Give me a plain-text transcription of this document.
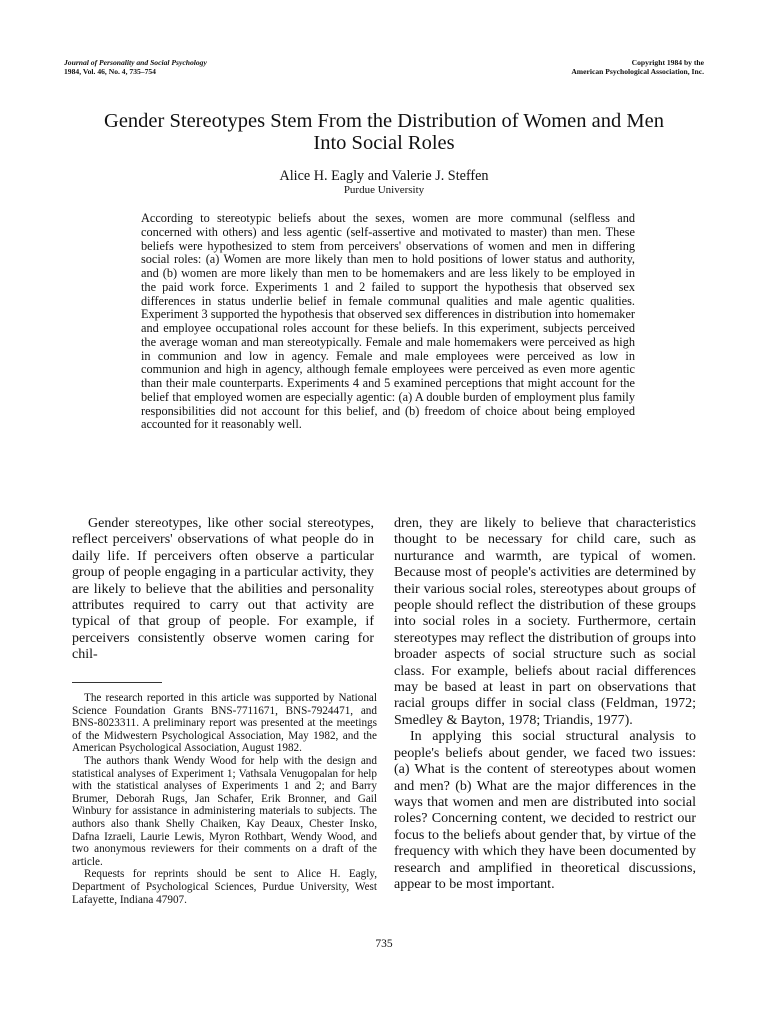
Journal of Personality and Social Psychology
1984, Vol. 46, No. 4, 735–754
Copyright 1984 by the
American Psychological Association, Inc.
Gender Stereotypes Stem From the Distribution of Women and Men Into Social Roles
Alice H. Eagly and Valerie J. Steffen
Purdue University

According to stereotypic beliefs about the sexes, women are more communal (selfless and concerned with others) and less agentic (self-assertive and motivated to master) than men. These beliefs were hypothesized to stem from perceivers' observations of women and men in differing social roles: (a) Women are more likely than men to hold positions of lower status and authority, and (b) women are more likely than men to be homemakers and are less likely to be employed in the paid work force. Experiments 1 and 2 failed to support the hypothesis that observed sex differences in status underlie belief in female communal qualities and male agentic qualities. Experiment 3 supported the hypothesis that observed sex differences in distribution into homemaker and employee occupational roles account for these beliefs. In this experiment, subjects perceived the average woman and man stereotypically. Female and male homemakers were perceived as high in communion and low in agency. Female and male employees were perceived as low in communion and high in agency, although female employees were perceived as even more agentic than their male counterparts. Experiments 4 and 5 examined perceptions that might account for the belief that employed women are especially agentic: (a) A double burden of employment plus family responsibilities did not account for this belief, and (b) freedom of choice about being employed accounted for it reasonably well.

Gender stereotypes, like other social stereotypes, reflect perceivers' observations of what people do in daily life. If perceivers often observe a particular group of people engaging in a particular activity, they are likely to believe that the abilities and personality attributes required to carry out that activity are typical of that group of people. For example, if perceivers consistently observe women caring for chil-

The research reported in this article was supported by National Science Foundation Grants BNS-7711671, BNS-7924471, and BNS-8023311. A preliminary report was presented at the meetings of the Midwestern Psychological Association, May 1982, and the American Psychological Association, August 1982.

The authors thank Wendy Wood for help with the design and statistical analyses of Experiment 1; Vathsala Venugopalan for help with the statistical analyses of Experiments 1 and 2; and Barry Brumer, Deborah Rugs, Jan Schafer, Erik Bronner, and Gail Winbury for assistance in administering materials to subjects. The authors also thank Shelly Chaiken, Kay Deaux, Chester Insko, Dafna Izraeli, Laurie Lewis, Myron Rothbart, Wendy Wood, and two anonymous reviewers for their comments on a draft of the article.

Requests for reprints should be sent to Alice H. Eagly, Department of Psychological Sciences, Purdue University, West Lafayette, Indiana 47907.

dren, they are likely to believe that characteristics thought to be necessary for child care, such as nurturance and warmth, are typical of women. Because most of people's activities are determined by their various social roles, stereotypes about groups of people should reflect the distribution of these groups into social roles in a society. Furthermore, certain stereotypes may reflect the distribution of groups into broader aspects of social structure such as social class. For example, beliefs about racial differences may be based at least in part on observations that racial groups differ in social class (Feldman, 1972; Smedley & Bayton, 1978; Triandis, 1977).

In applying this social structural analysis to people's beliefs about gender, we faced two issues: (a) What is the content of stereotypes about women and men? (b) What are the major differences in the ways that women and men are distributed into social roles? Concerning content, we decided to restrict our focus to the beliefs about gender that, by virtue of the frequency with which they have been documented by research and amplified in theoretical discussions, appear to be most important.

735
